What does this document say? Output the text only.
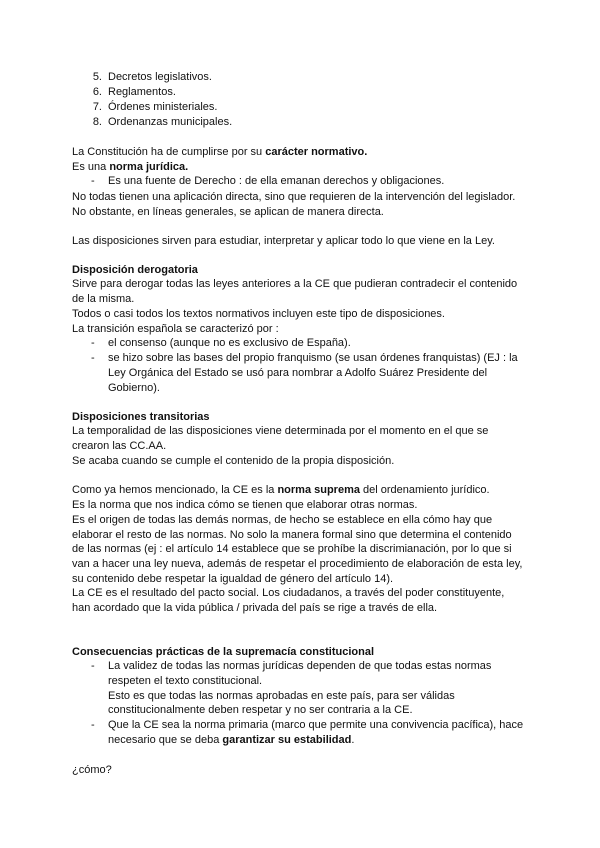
5. Decretos legislativos.
6. Reglamentos.
7. Órdenes ministeriales.
8. Ordenanzas municipales.
La Constitución ha de cumplirse por su carácter normativo.
Es una norma jurídica.
- Es una fuente de Derecho : de ella emanan derechos y obligaciones.
No todas tienen una aplicación directa, sino que requieren de la intervención del legislador.
No obstante, en líneas generales, se aplican de manera directa.
Las disposiciones sirven para estudiar, interpretar y aplicar todo lo que viene en la Ley.
Disposición derogatoria
Sirve para derogar todas las leyes anteriores a la CE que pudieran contradecir el contenido
de la misma.
Todos o casi todos los textos normativos incluyen este tipo de disposiciones.
La transición española se caracterizó por :
- el consenso (aunque no es exclusivo de España).
- se hizo sobre las bases del propio franquismo (se usan órdenes franquistas) (EJ : la
Ley Orgánica del Estado se usó para nombrar a Adolfo Suárez Presidente del
Gobierno).
Disposiciones transitorias
La temporalidad de las disposiciones viene determinada por el momento en el que se
crearon las CC.AA.
Se acaba cuando se cumple el contenido de la propia disposición.
Como ya hemos mencionado, la CE es la norma suprema del ordenamiento jurídico.
Es la norma que nos indica cómo se tienen que elaborar otras normas.
Es el origen de todas las demás normas, de hecho se establece en ella cómo hay que
elaborar el resto de las normas. No solo la manera formal sino que determina el contenido
de las normas (ej : el artículo 14 establece que se prohíbe la discrimianación, por lo que si
van a hacer una ley nueva, además de respetar el procedimiento de elaboración de esta ley,
su contenido debe respetar la igualdad de género del artículo 14).
La CE es el resultado del pacto social. Los ciudadanos, a través del poder constituyente,
han acordado que la vida pública / privada del país se rige a través de ella.
Consecuencias prácticas de la supremacía constitucional
- La validez de todas las normas jurídicas dependen de que todas estas normas
respeten el texto constitucional.
Esto es que todas las normas aprobadas en este país, para ser válidas
constitucionalmente deben respetar y no ser contraria a la CE.
- Que la CE sea la norma primaria (marco que permite una convivencia pacífica), hace
necesario que se deba garantizar su estabilidad.
¿cómo?
